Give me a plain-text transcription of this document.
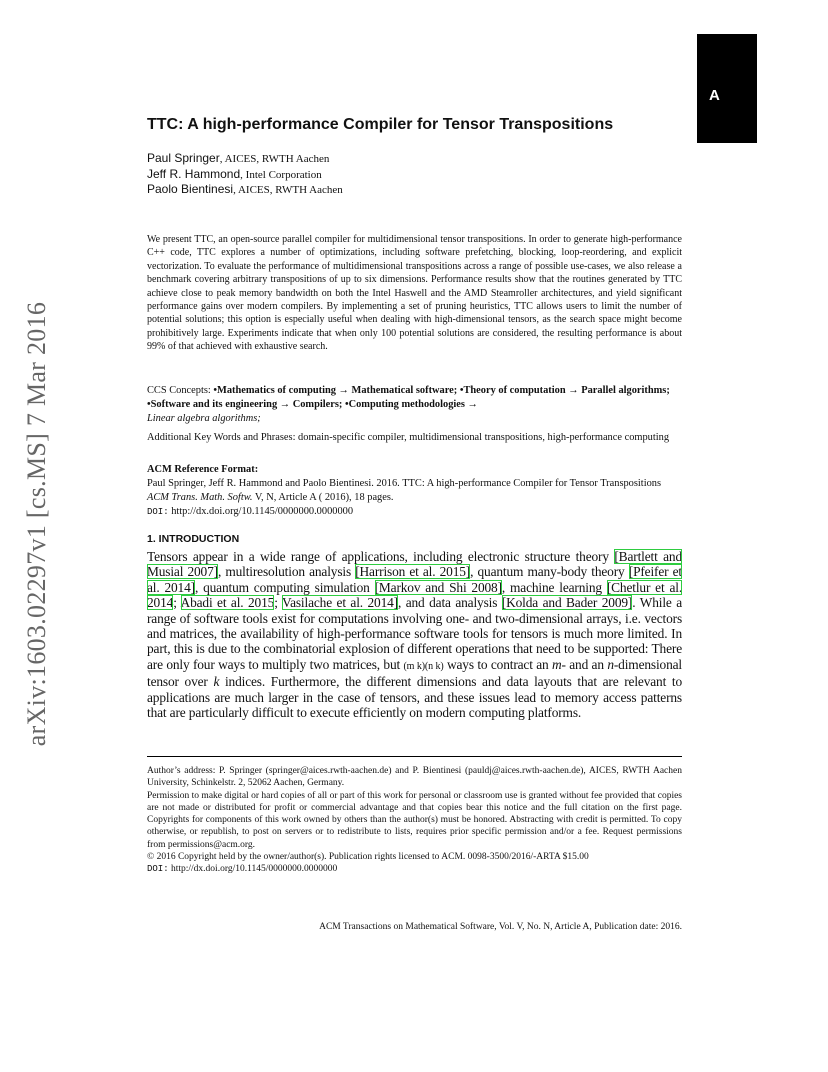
A
arXiv:1603.02297v1 [cs.MS] 7 Mar 2016
TTC: A high-performance Compiler for Tensor Transpositions
Paul Springer, AICES, RWTH Aachen
Jeff R. Hammond, Intel Corporation
Paolo Bientinesi, AICES, RWTH Aachen
We present TTC, an open-source parallel compiler for multidimensional tensor transpositions. In order to generate high-performance C++ code, TTC explores a number of optimizations, including software prefetching, blocking, loop-reordering, and explicit vectorization. To evaluate the performance of multidimensional transpositions across a range of possible use-cases, we also release a benchmark covering arbitrary transpositions of up to six dimensions. Performance results show that the routines generated by TTC achieve close to peak memory bandwidth on both the Intel Haswell and the AMD Steamroller architectures, and yield significant performance gains over modern compilers. By implementing a set of pruning heuristics, TTC allows users to limit the number of potential solutions; this option is especially useful when dealing with high-dimensional tensors, as the search space might become prohibitively large. Experiments indicate that when only 100 potential solutions are considered, the resulting performance is about 99% of that achieved with exhaustive search.
CCS Concepts: •Mathematics of computing → Mathematical software; •Theory of computation → Parallel algorithms; •Software and its engineering → Compilers; •Computing methodologies →
Linear algebra algorithms;
Additional Key Words and Phrases: domain-specific compiler, multidimensional transpositions, high-performance computing
ACM Reference Format:
Paul Springer, Jeff R. Hammond and Paolo Bientinesi. 2016. TTC: A high-performance Compiler for Tensor Transpositions ACM Trans. Math. Softw. V, N, Article A ( 2016), 18 pages.
DOI: http://dx.doi.org/10.1145/0000000.0000000
1. INTRODUCTION
Tensors appear in a wide range of applications, including electronic structure theory [Bartlett and Musial 2007], multiresolution analysis [Harrison et al. 2015], quantum many-body theory [Pfeifer et al. 2014], quantum computing simulation [Markov and Shi 2008], machine learning [Chetlur et al. 2014; Abadi et al. 2015; Vasilache et al. 2014], and data analysis [Kolda and Bader 2009]. While a range of software tools exist for computations involving one- and two-dimensional arrays, i.e. vectors and matrices, the availability of high-performance software tools for tensors is much more limited. In part, this is due to the combinatorial explosion of different operations that need to be supported: There are only four ways to multiply two matrices, but (m k)(n k) ways to contract an m- and an n-dimensional tensor over k indices. Furthermore, the different dimensions and data layouts that are relevant to applications are much larger in the case of tensors, and these issues lead to memory access patterns that are particularly difficult to execute efficiently on modern computing platforms.
Author’s address: P. Springer (springer@aices.rwth-aachen.de) and P. Bientinesi (pauldj@aices.rwth-aachen.de), AICES, RWTH Aachen University, Schinkelstr. 2, 52062 Aachen, Germany.
Permission to make digital or hard copies of all or part of this work for personal or classroom use is granted without fee provided that copies are not made or distributed for profit or commercial advantage and that copies bear this notice and the full citation on the first page. Copyrights for components of this work owned by others than the author(s) must be honored. Abstracting with credit is permitted. To copy otherwise, or republish, to post on servers or to redistribute to lists, requires prior specific permission and/or a fee. Request permissions from permissions@acm.org.
© 2016 Copyright held by the owner/author(s). Publication rights licensed to ACM. 0098-3500/2016/-ARTA $15.00
DOI: http://dx.doi.org/10.1145/0000000.0000000
ACM Transactions on Mathematical Software, Vol. V, No. N, Article A, Publication date: 2016.
